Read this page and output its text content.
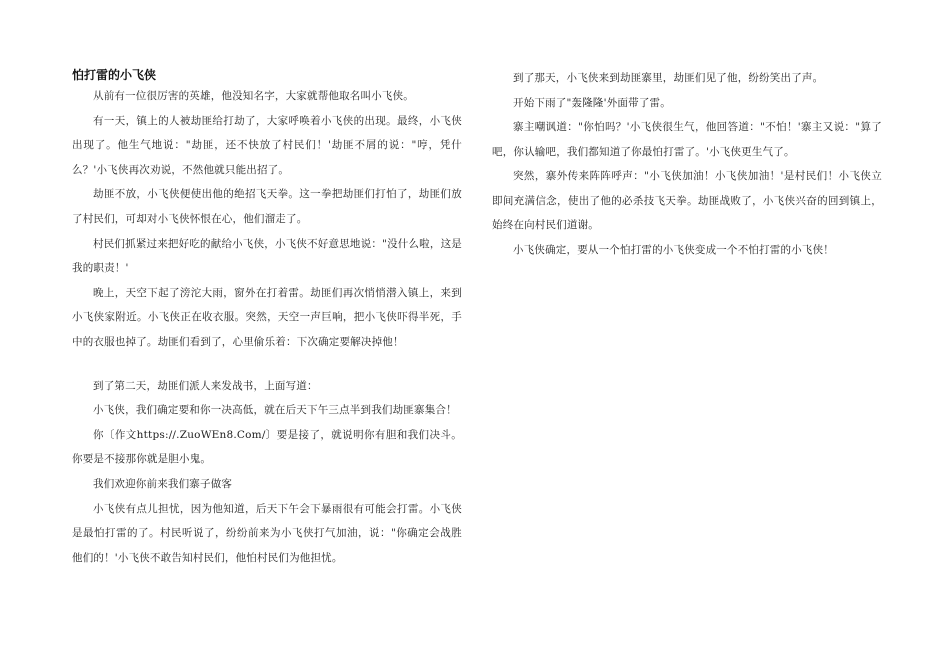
怕打雷的小飞侠

从前有一位很厉害的英雄，他没知名字，大家就帮他取名叫小飞侠。

有一天，镇上的人被劫匪给打劫了，大家呼唤着小飞侠的出现。最终，小飞侠出现了。他生气地说："劫匪，还不快放了村民们！'劫匪不屑的说："哼，凭什么？'小飞侠再次劝说，不然他就只能出招了。

劫匪不放，小飞侠便使出他的绝招飞天拳。这一拳把劫匪们打怕了，劫匪们放了村民们，可却对小飞侠怀恨在心，他们溜走了。

村民们抓紧过来把好吃的献给小飞侠，小飞侠不好意思地说："没什么啦，这是我的职责！'

晚上，天空下起了滂沱大雨，窗外在打着雷。劫匪们再次悄悄潜入镇上，来到小飞侠家附近。小飞侠正在收衣服。突然，天空一声巨响，把小飞侠吓得半死，手中的衣服也掉了。劫匪们看到了，心里偷乐着：下次确定要解决掉他！

到了第二天，劫匪们派人来发战书，上面写道：

小飞侠，我们确定要和你一决高低，就在后天下午三点半到我们劫匪寨集合！

你〔作文https://.ZuoWEn8.Com/〕要是接了，就说明你有胆和我们决斗。你要是不接那你就是胆小鬼。

我们欢迎你前来我们寨子做客

小飞侠有点儿担忧，因为他知道，后天下午会下暴雨很有可能会打雷。小飞侠是最怕打雷的了。村民听说了，纷纷前来为小飞侠打气加油，说："你确定会战胜他们的！'小飞侠不敢告知村民们，他怕村民们为他担忧。

到了那天，小飞侠来到劫匪寨里，劫匪们见了他，纷纷笑出了声。

开始下雨了"轰隆隆'外面带了雷。

寨主嘲讽道："你怕吗？'小飞侠很生气，他回答道："不怕！'寨主又说："算了吧，你认输吧，我们都知道了你最怕打雷了。'小飞侠更生气了。

突然，寨外传来阵阵呼声："小飞侠加油！小飞侠加油！'是村民们！小飞侠立即间充满信念，使出了他的必杀技飞天拳。劫匪战败了，小飞侠兴奋的回到镇上，始终在向村民们道谢。

小飞侠确定，要从一个怕打雷的小飞侠变成一个不怕打雷的小飞侠！
